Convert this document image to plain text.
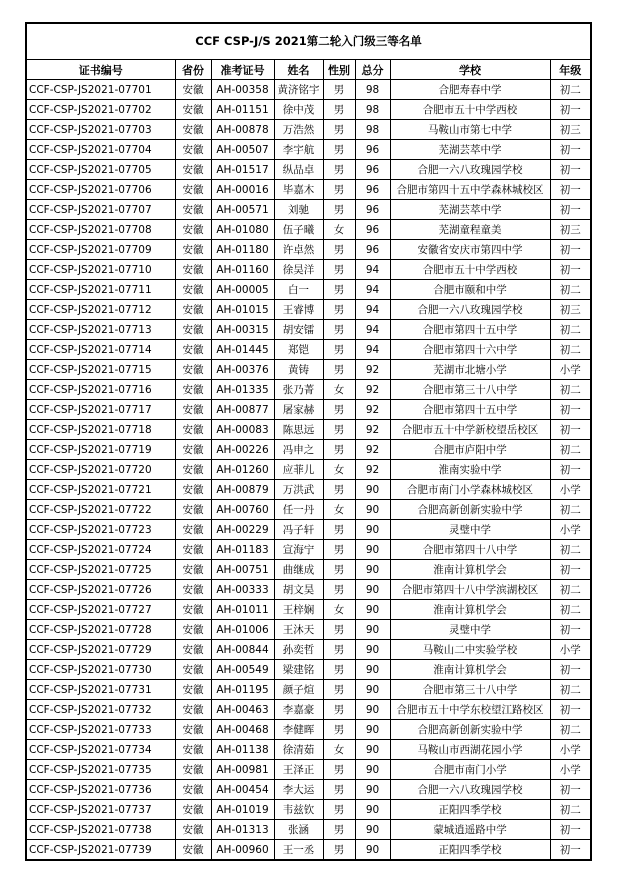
CCF CSP-J/S 2021第二轮入门级三等名单
证书编号	省份	准考证号	姓名	性别	总分	学校	年级
CCF-CSP-JS2021-07701	安徽	AH-00358	黄济铭宇	男	98	合肥寿春中学	初二
CCF-CSP-JS2021-07702	安徽	AH-01151	徐中茂	男	98	合肥市五十中学西校	初一
CCF-CSP-JS2021-07703	安徽	AH-00878	万浩然	男	98	马鞍山市第七中学	初三
CCF-CSP-JS2021-07704	安徽	AH-00507	李宇航	男	96	芜湖芸萃中学	初一
CCF-CSP-JS2021-07705	安徽	AH-01517	纵品卓	男	96	合肥一六八玫瑰园学校	初一
CCF-CSP-JS2021-07706	安徽	AH-00016	毕嘉木	男	96	合肥市第四十五中学森林城校区	初一
CCF-CSP-JS2021-07707	安徽	AH-00571	刘驰	男	96	芜湖芸萃中学	初一
CCF-CSP-JS2021-07708	安徽	AH-01080	伍子曦	女	96	芜湖童程童美	初三
CCF-CSP-JS2021-07709	安徽	AH-01180	许卓然	男	96	安徽省安庆市第四中学	初一
CCF-CSP-JS2021-07710	安徽	AH-01160	徐昊洋	男	94	合肥市五十中学西校	初一
CCF-CSP-JS2021-07711	安徽	AH-00005	白一	男	94	合肥市颐和中学	初二
CCF-CSP-JS2021-07712	安徽	AH-01015	王睿博	男	94	合肥一六八玫瑰园学校	初三
CCF-CSP-JS2021-07713	安徽	AH-00315	胡安镭	男	94	合肥市第四十五中学	初二
CCF-CSP-JS2021-07714	安徽	AH-01445	郑铠	男	94	合肥市第四十六中学	初二
CCF-CSP-JS2021-07715	安徽	AH-00376	黄铸	男	92	芜湖市北塘小学	小学
CCF-CSP-JS2021-07716	安徽	AH-01335	张乃菁	女	92	合肥市第三十八中学	初二
CCF-CSP-JS2021-07717	安徽	AH-00877	屠家赫	男	92	合肥市第四十五中学	初一
CCF-CSP-JS2021-07718	安徽	AH-00083	陈思远	男	92	合肥市五十中学新校望岳校区	初一
CCF-CSP-JS2021-07719	安徽	AH-00226	冯申之	男	92	合肥市庐阳中学	初二
CCF-CSP-JS2021-07720	安徽	AH-01260	应菲儿	女	92	淮南实验中学	初一
CCF-CSP-JS2021-07721	安徽	AH-00879	万洪武	男	90	合肥市南门小学森林城校区	小学
CCF-CSP-JS2021-07722	安徽	AH-00760	任一丹	女	90	合肥高新创新实验中学	初二
CCF-CSP-JS2021-07723	安徽	AH-00229	冯子轩	男	90	灵璧中学	小学
CCF-CSP-JS2021-07724	安徽	AH-01183	宣海宁	男	90	合肥市第四十八中学	初二
CCF-CSP-JS2021-07725	安徽	AH-00751	曲继成	男	90	淮南计算机学会	初一
CCF-CSP-JS2021-07726	安徽	AH-00333	胡文昊	男	90	合肥市第四十八中学滨湖校区	初二
CCF-CSP-JS2021-07727	安徽	AH-01011	王梓娴	女	90	淮南计算机学会	初二
CCF-CSP-JS2021-07728	安徽	AH-01006	王沐天	男	90	灵璧中学	初一
CCF-CSP-JS2021-07729	安徽	AH-00844	孙奕哲	男	90	马鞍山二中实验学校	小学
CCF-CSP-JS2021-07730	安徽	AH-00549	梁建铭	男	90	淮南计算机学会	初一
CCF-CSP-JS2021-07731	安徽	AH-01195	颜子煊	男	90	合肥市第三十八中学	初二
CCF-CSP-JS2021-07732	安徽	AH-00463	李嘉豪	男	90	合肥市五十中学东校望江路校区	初一
CCF-CSP-JS2021-07733	安徽	AH-00468	李健晖	男	90	合肥高新创新实验中学	初二
CCF-CSP-JS2021-07734	安徽	AH-01138	徐清茹	女	90	马鞍山市西湖花园小学	小学
CCF-CSP-JS2021-07735	安徽	AH-00981	王泽正	男	90	合肥市南门小学	小学
CCF-CSP-JS2021-07736	安徽	AH-00454	李大运	男	90	合肥一六八玫瑰园学校	初一
CCF-CSP-JS2021-07737	安徽	AH-01019	韦兹钦	男	90	正阳四季学校	初二
CCF-CSP-JS2021-07738	安徽	AH-01313	张涵	男	90	蒙城逍遥路中学	初一
CCF-CSP-JS2021-07739	安徽	AH-00960	王一丞	男	90	正阳四季学校	初一
